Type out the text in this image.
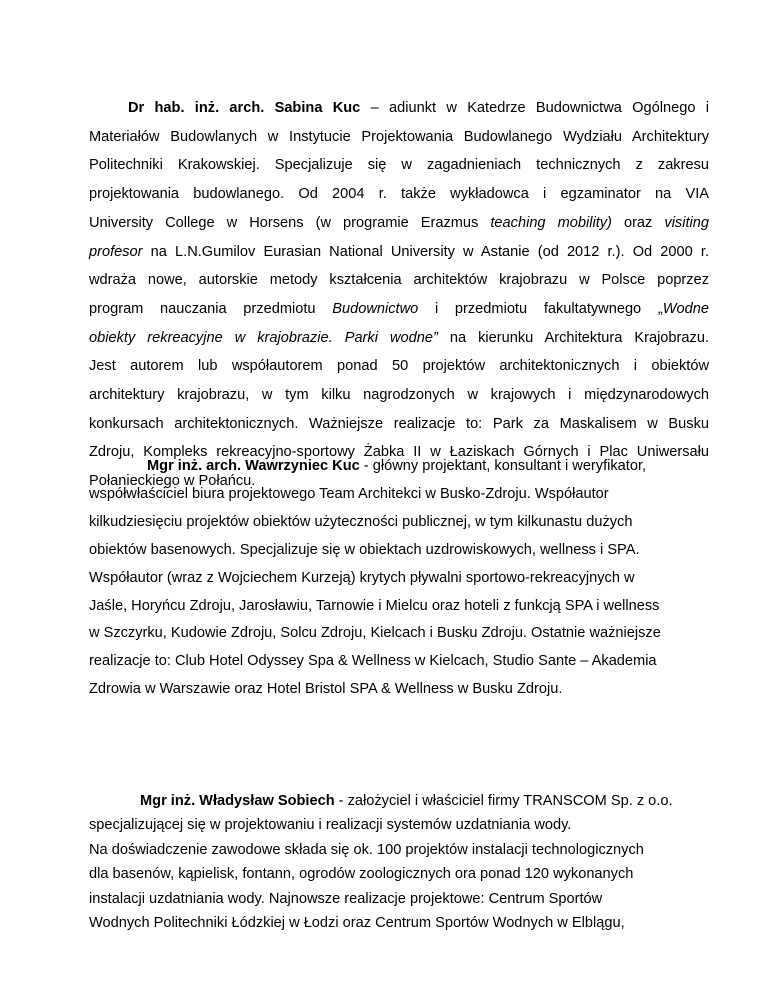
Dr hab. inż. arch. Sabina Kuc – adiunkt w Katedrze Budownictwa Ogólnego i
Materiałów Budowlanych w Instytucie Projektowania Budowlanego Wydziału Architektury
Politechniki Krakowskiej. Specjalizuje się w zagadnieniach technicznych z zakresu
projektowania budowlanego. Od 2004 r. także wykładowca i egzaminator na VIA
University College w Horsens (w programie Erazmus teaching mobility) oraz visiting
profesor na L.N.Gumilov Eurasian National University w Astanie (od 2012 r.). Od 2000 r.
wdraża nowe, autorskie metody kształcenia architektów krajobrazu w Polsce poprzez
program nauczania przedmiotu Budownictwo i przedmiotu fakultatywnego „Wodne
obiekty rekreacyjne w krajobrazie. Parki wodne” na kierunku Architektura Krajobrazu.
Jest autorem lub współautorem ponad 50 projektów architektonicznych i obiektów
architektury krajobrazu, w tym kilku nagrodzonych w krajowych i międzynarodowych
konkursach architektonicznych. Ważniejsze realizacje to: Park za Maskalisem w Busku
Zdroju, Kompleks rekreacyjno-sportowy Żabka II w Łaziskach Górnych i Plac Uniwersału
Połanieckiego w Połańcu.
Mgr inż. arch. Wawrzyniec Kuc - główny projektant, konsultant i weryfikator,
współwłaściciel biura projektowego Team Architekci w Busko-Zdroju. Współautor
kilkudziesięciu projektów obiektów użyteczności publicznej, w tym kilkunastu dużych
obiektów basenowych. Specjalizuje się w obiektach uzdrowiskowych, wellness i SPA.
Współautor (wraz z Wojciechem Kurzeją) krytych pływalni sportowo-rekreacyjnych w
Jaśle, Horyńcu Zdroju, Jarosławiu, Tarnowie i Mielcu oraz hoteli z funkcją SPA i wellness
w Szczyrku, Kudowie Zdroju, Solcu Zdroju, Kielcach i Busku Zdroju. Ostatnie ważniejsze
realizacje to: Club Hotel Odyssey Spa & Wellness w Kielcach, Studio Sante – Akademia
Zdrowia w Warszawie oraz Hotel Bristol SPA & Wellness w Busku Zdroju.
Mgr inż. Władysław Sobiech - założyciel i właściciel firmy TRANSCOM Sp. z o.o.
specjalizującej się w projektowaniu i realizacji systemów uzdatniania wody.
Na doświadczenie zawodowe składa się ok. 100 projektów instalacji technologicznych
dla basenów, kąpielisk, fontann, ogrodów zoologicznych ora ponad 120 wykonanych
instalacji uzdatniania wody. Najnowsze realizacje projektowe: Centrum Sportów
Wodnych Politechniki Łódzkiej w Łodzi oraz Centrum Sportów Wodnych w Elblągu,
